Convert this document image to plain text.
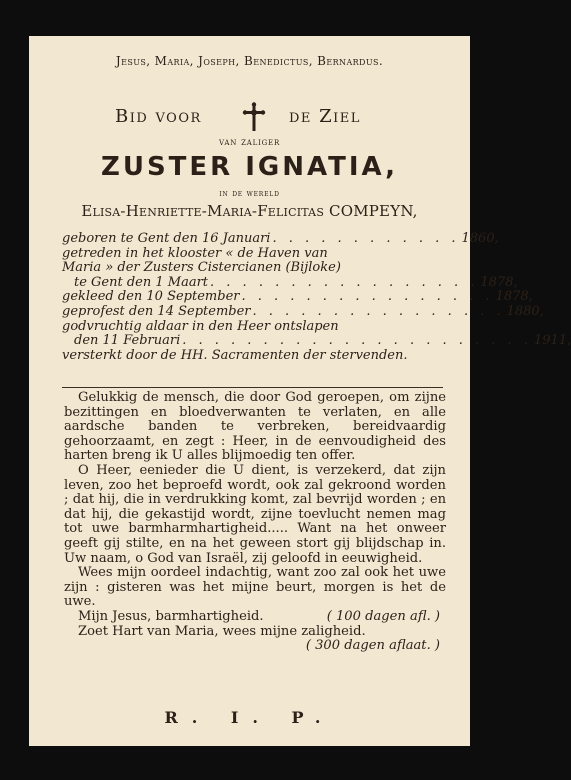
Jesus, Maria, Joseph, Benedictus, Bernardus.
Bid voor	de Ziel
van zaliger
ZUSTER IGNATIA,
in de wereld
Elisa-Henriette-Maria-Felicitas COMPEYN,
geboren te Gent den 16 Januari . . . . . . . . . . . . 1860,
getreden in het klooster « de Haven van
Maria » der Zusters Cistercianen (Bijloke)
te Gent den 1 Maart . . . . . . . . . . . . . . . . . 1878,
gekleed den 10 September . . . . . . . . . . . . . . . . 1878,
geprofest den 14 September . . . . . . . . . . . . . . . . 1880,
godvruchtig aldaar in den Heer ontslapen
den 11 Februari . . . . . . . . . . . . . . . . . . . . . . 1911,
versterkt door de HH. Sacramenten der stervenden.

Gelukkig de mensch, die door God geroepen, om zijne bezittingen en bloedverwanten te verlaten, en alle aardsche banden te verbreken, bereidvaardig gehoorzaamt, en zegt : Heer, in de eenvoudigheid des harten breng ik U alles blijmoedig ten offer.

O Heer, eenieder die U dient, is verzekerd, dat zijn leven, zoo het beproefd wordt, ook zal gekroond worden ; dat hij, die in verdrukking komt, zal bevrijd worden ; en dat hij, die gekastijd wordt, zijne toevlucht nemen mag tot uwe barmharmhartigheid..... Want na het onweer geeft gij stilte, en na het geween stort gij blijdschap in. Uw naam, o God van Israël, zij geloofd in eeuwigheid.

Wees mijn oordeel indachtig, want zoo zal ook het uwe zijn : gisteren was het mijne beurt, morgen is het de uwe.

Mijn Jesus, barmhartigheid.	( 100 dagen afl. )
Zoet Hart van Maria, wees mijne zaligheid.
( 300 dagen aflaat. )
R. I. P.
